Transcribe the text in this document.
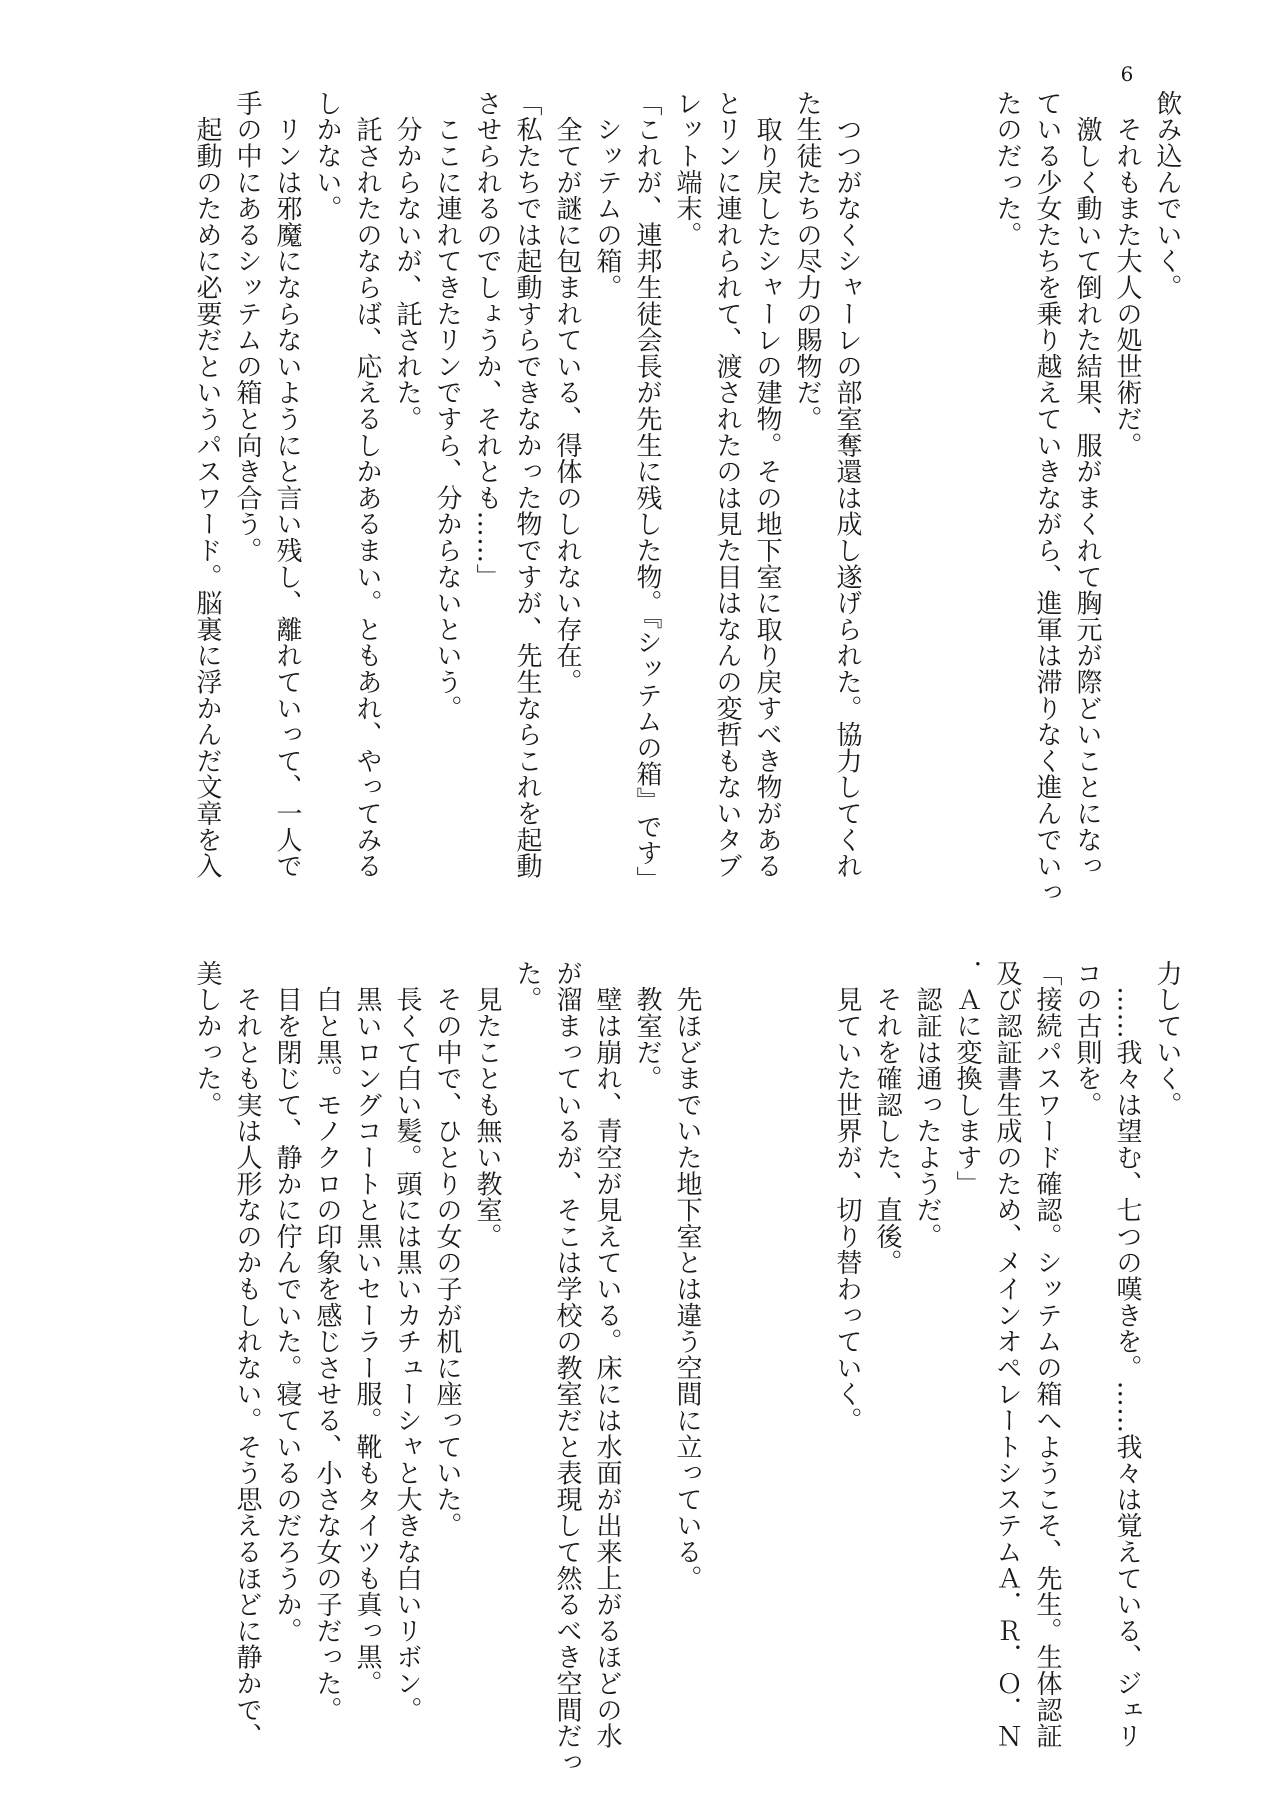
6
飲み込んでいく。
　それもまた大人の処世術だ。
　激しく動いて倒れた結果、服がまくれて胸元が際どいことになっ
ている少女たちを乗り越えていきながら、進軍は滞りなく進んでいっ
たのだった。
　つつがなくシャーレの部室奪還は成し遂げられた。協力してくれ
た生徒たちの尽力の賜物だ。
　取り戻したシャーレの建物。その地下室に取り戻すべき物がある
とリンに連れられて、渡されたのは見た目はなんの変哲もないタブ
レット端末。
「これが、連邦生徒会長が先生に残した物。『シッテムの箱』です」
　シッテムの箱。
　全てが謎に包まれている、得体のしれない存在。
「私たちでは起動すらできなかった物ですが、先生ならこれを起動
させられるのでしょうか、それとも……」
　ここに連れてきたリンですら、分からないという。
　分からないが、託された。
　託されたのならば、応えるしかあるまい。ともあれ、やってみる
しかない。
　リンは邪魔にならないようにと言い残し、離れていって、一人で
手の中にあるシッテムの箱と向き合う。
　起動のために必要だというパスワード。脳裏に浮かんだ文章を入
力していく。
　……我々は望む、七つの嘆きを。……我々は覚えている、ジェリ
コの古則を。
「接続パスワード確認。シッテムの箱へようこそ、先生。生体認証
及び認証書生成のため、メインオペレートシステムＡ．Ｒ．Ｏ．Ｎ
．Ａに変換します」
　認証は通ったようだ。
　それを確認した、直後。
　見ていた世界が、切り替わっていく。
　先ほどまでいた地下室とは違う空間に立っている。
　教室だ。
　壁は崩れ、青空が見えている。床には水面が出来上がるほどの水
が溜まっているが、そこは学校の教室だと表現して然るべき空間だっ
た。
　見たことも無い教室。
　その中で、ひとりの女の子が机に座っていた。
　長くて白い髪。頭には黒いカチューシャと大きな白いリボン。
　黒いロングコートと黒いセーラー服。靴もタイツも真っ黒。
　白と黒。モノクロの印象を感じさせる、小さな女の子だった。
　目を閉じて、静かに佇んでいた。寝ているのだろうか。
　それとも実は人形なのかもしれない。そう思えるほどに静かで、
美しかった。
